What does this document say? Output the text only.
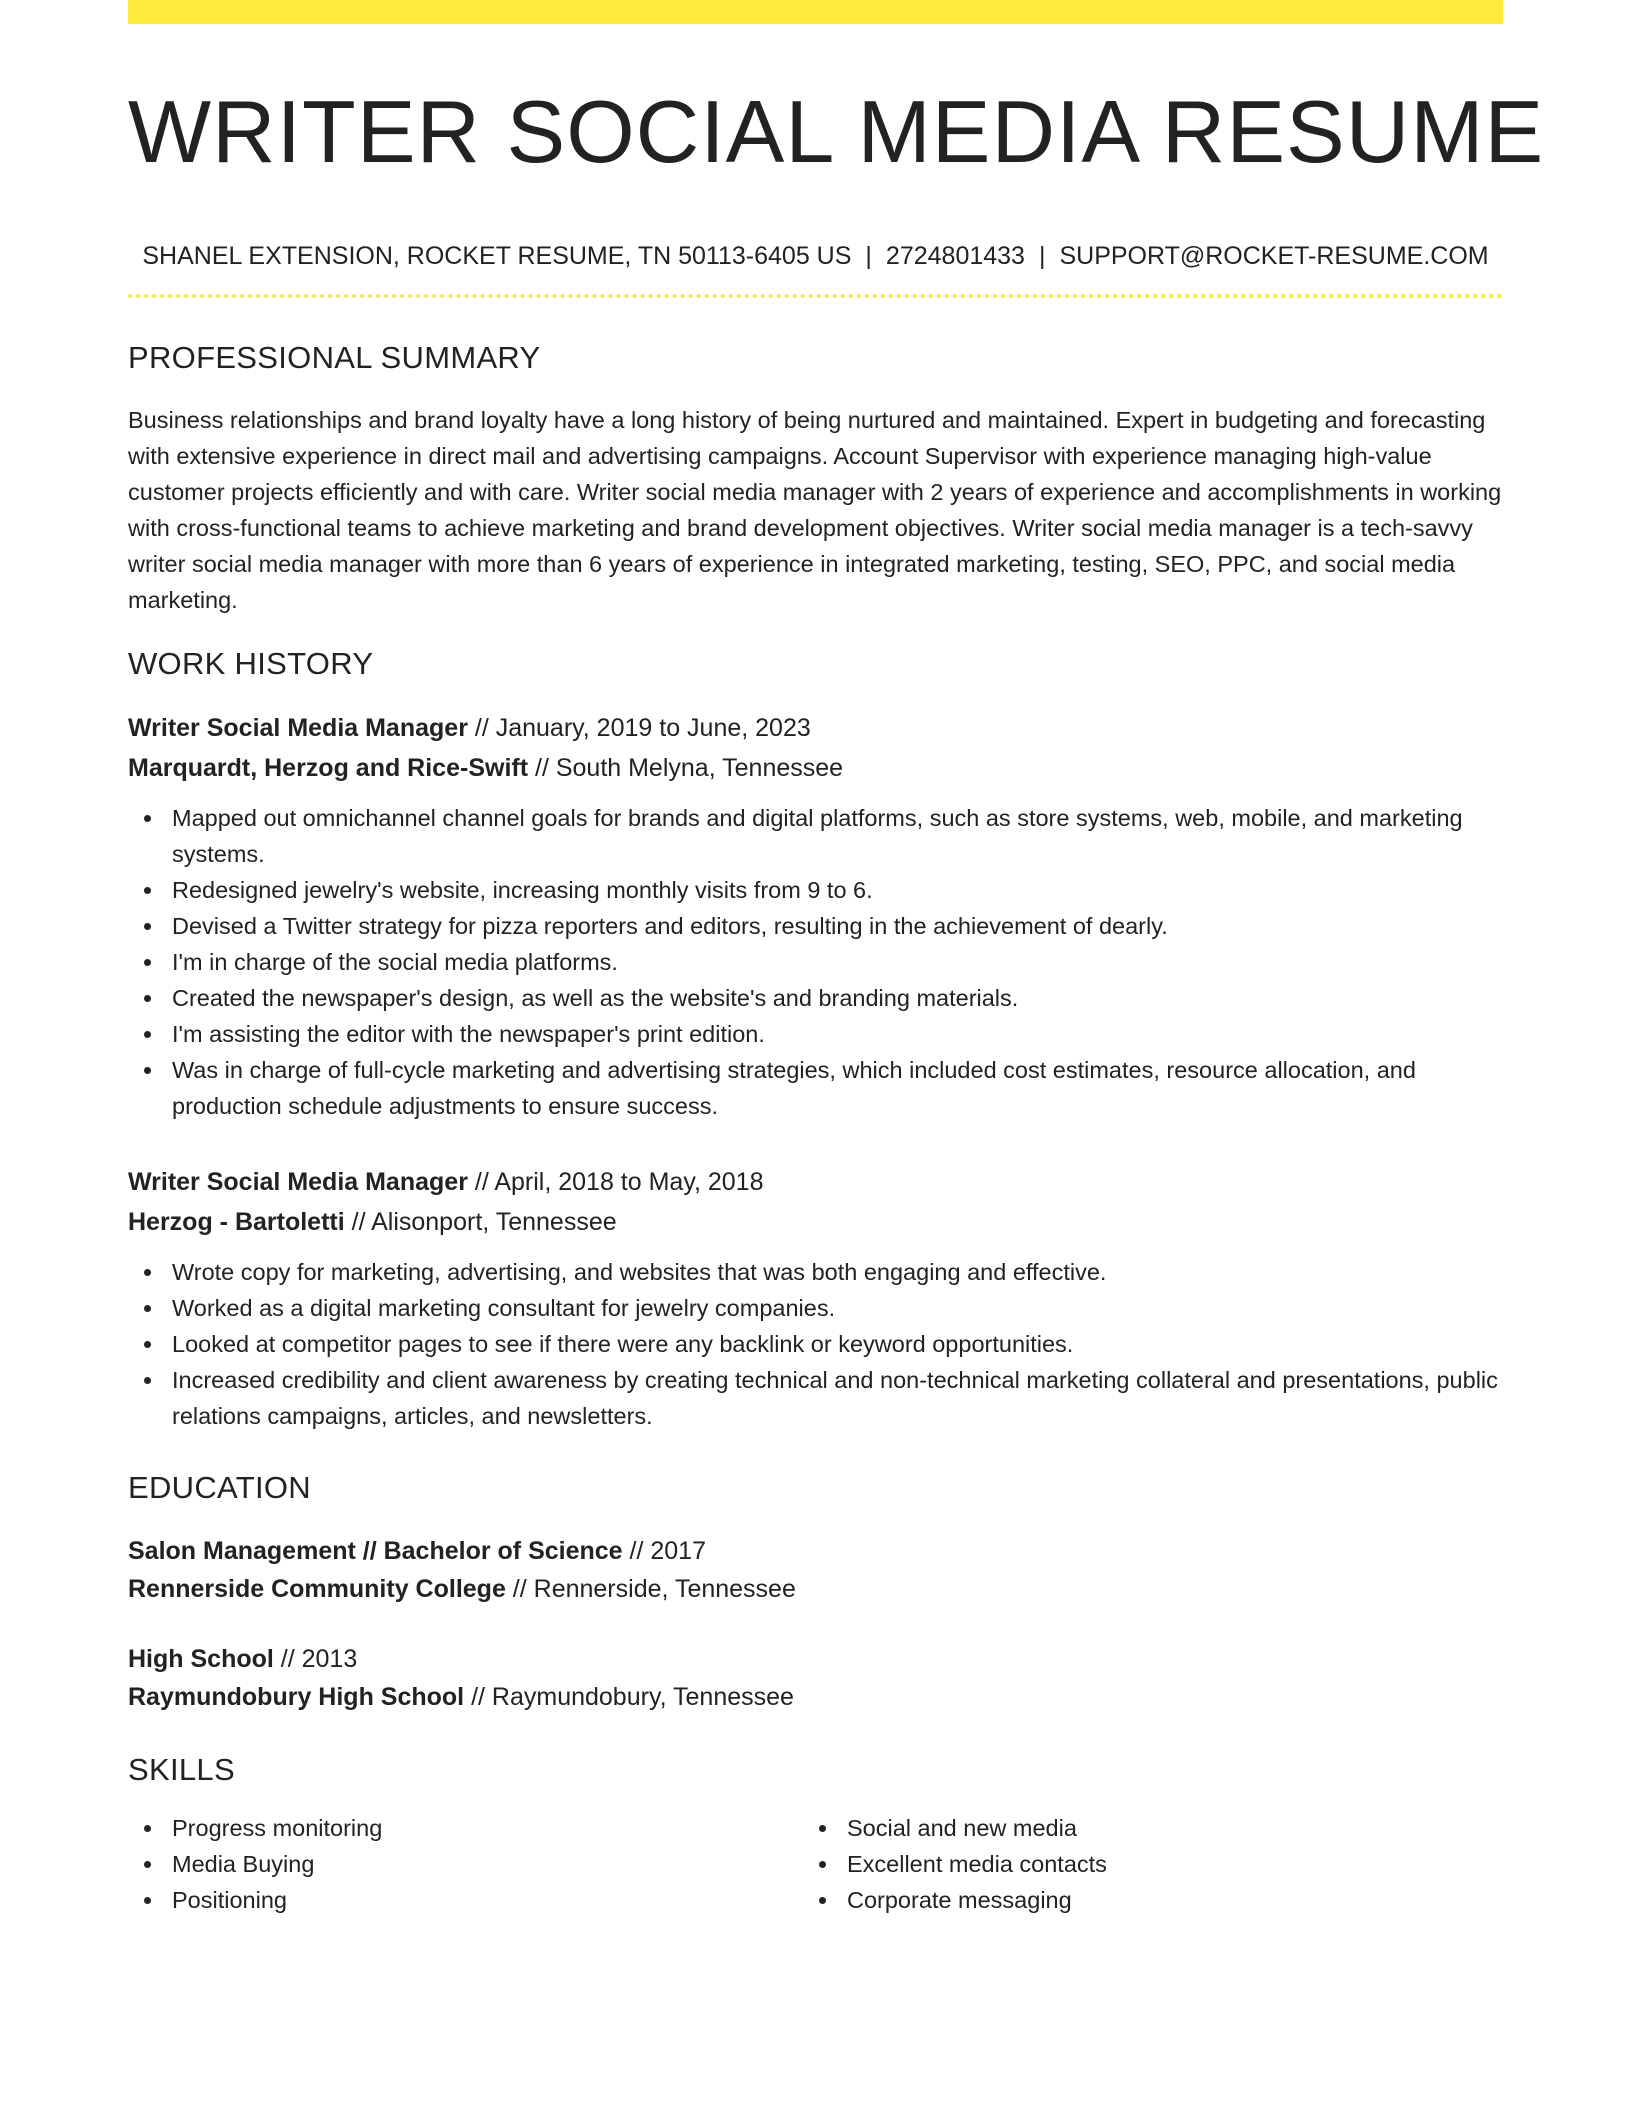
WRITER SOCIAL MEDIA RESUME
SHANEL EXTENSION, ROCKET RESUME, TN 50113-6405 US | 2724801433 | SUPPORT@ROCKET-RESUME.COM
PROFESSIONAL SUMMARY

Business relationships and brand loyalty have a long history of being nurtured and maintained. Expert in budgeting and forecasting with extensive experience in direct mail and advertising campaigns. Account Supervisor with experience managing high-value customer projects efficiently and with care. Writer social media manager with 2 years of experience and accomplishments in working with cross-functional teams to achieve marketing and brand development objectives. Writer social media manager is a tech-savvy writer social media manager with more than 6 years of experience in integrated marketing, testing, SEO, PPC, and social media marketing.

WORK HISTORY
Writer Social Media Manager // January, 2019 to June, 2023
Marquardt, Herzog and Rice-Swift // South Melyna, Tennessee
Mapped out omnichannel channel goals for brands and digital platforms, such as store systems, web, mobile, and marketing systems.
Redesigned jewelry's website, increasing monthly visits from 9 to 6.
Devised a Twitter strategy for pizza reporters and editors, resulting in the achievement of dearly.
I'm in charge of the social media platforms.
Created the newspaper's design, as well as the website's and branding materials.
I'm assisting the editor with the newspaper's print edition.
Was in charge of full-cycle marketing and advertising strategies, which included cost estimates, resource allocation, and production schedule adjustments to ensure success.
Writer Social Media Manager // April, 2018 to May, 2018
Herzog - Bartoletti // Alisonport, Tennessee
Wrote copy for marketing, advertising, and websites that was both engaging and effective.
Worked as a digital marketing consultant for jewelry companies.
Looked at competitor pages to see if there were any backlink or keyword opportunities.
Increased credibility and client awareness by creating technical and non-technical marketing collateral and presentations, public relations campaigns, articles, and newsletters.
EDUCATION
Salon Management // Bachelor of Science // 2017
Rennerside Community College // Rennerside, Tennessee
High School // 2013
Raymundobury High School // Raymundobury, Tennessee
SKILLS
Progress monitoring
Media Buying
Positioning
Social and new media
Excellent media contacts
Corporate messaging
